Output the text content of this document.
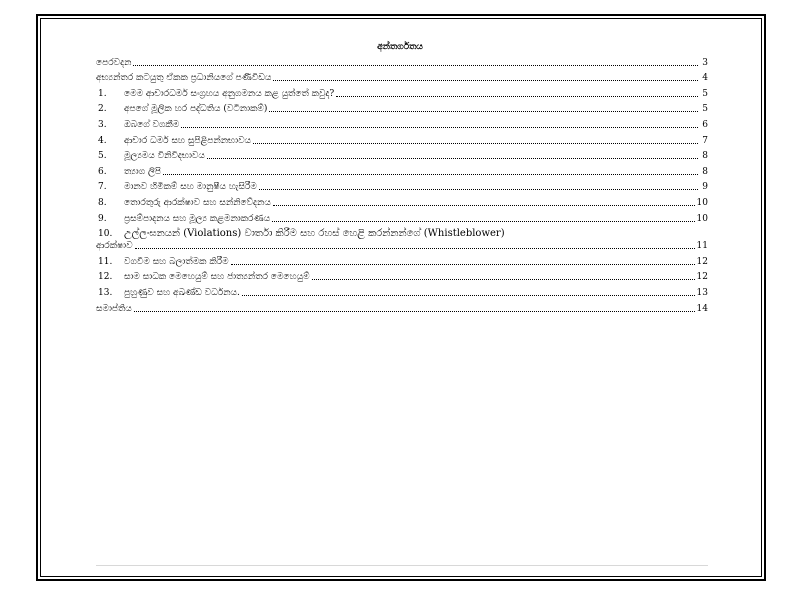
අන්තර්ගතය
පෙරවදන	3
අභ්‍යන්තර කටයුතු ඒකක ප්‍රධානියගේ පණිවිඩය	4
1.	මෙම ආචාරධර්ම සංග්‍රහය අනුගමනය කළ යුත්තේ කවුද?	5
2.	අපගේ මූලික හර පද්ධතිය (වටිනාකම්)	5
3.	ඔබගේ වගකීම	6
4.	ආචාර ධර්ම සහ සුපිළිපන්නභාවය	7
5.	මූල්‍යමය විනිවිදභාවය	8
6.	ත්‍යාග ලිපි	8
7.	මානව හිමිකම් සහ මානුෂීය හැසිරීම	9
8.	තොරතුරු ආරක්ෂාව සහ සන්නිවේදනය	10
9.	ප්‍රසම්පාදනය සහ මූල්‍ය කළමනාකරණය	10
10.	උල්ලංඝනයන් (Violations) වාර්තා කිරීම සහ රහස් හෙළි කරන්නන්ගේ (Whistleblower)
ආරක්ෂාව	11
11.	වගවීම සහ බලාත්මක කිරීම	12
12.	සාම සාධක මෙහෙයුම් සහ ජාත්‍යන්තර මෙහෙයුම්	12
13.	පුහුණුව සහ අඛණ්ඩ වර්ධනය.	13
සමාප්තිය	14
